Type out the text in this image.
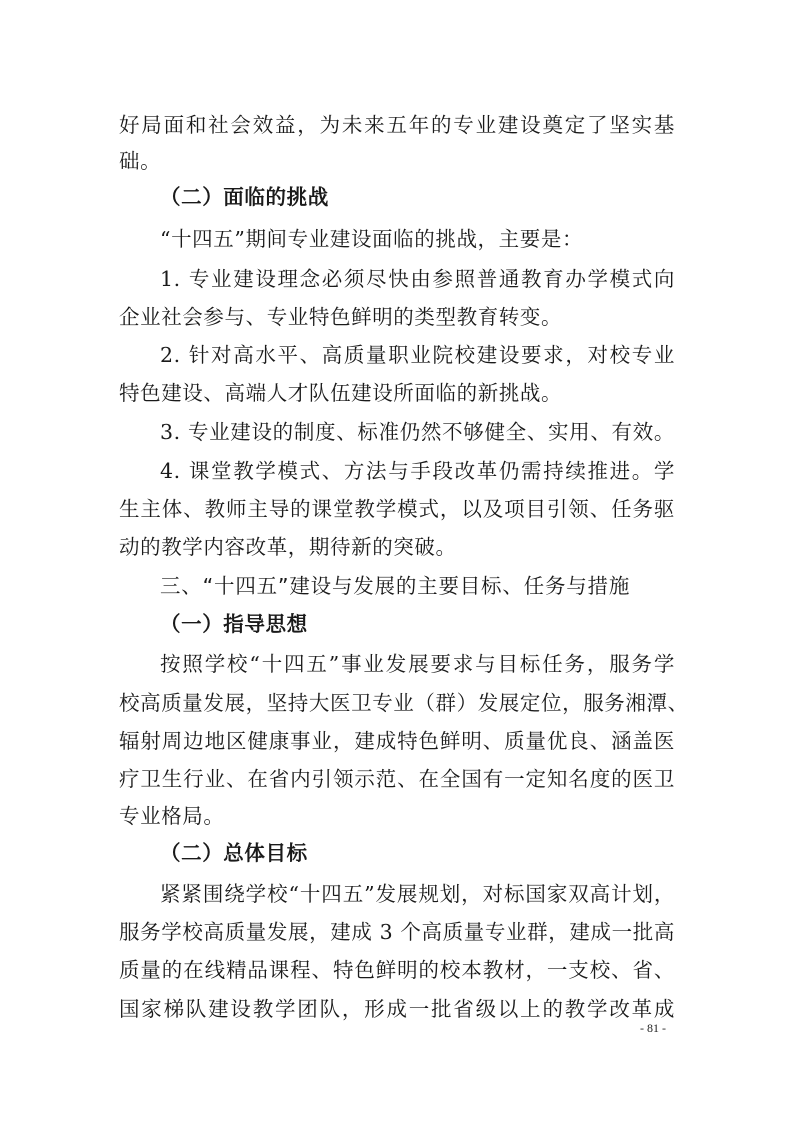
好局面和社会效益，为未来五年的专业建设奠定了坚实基
础。
（二）面临的挑战
“十四五”期间专业建设面临的挑战，主要是：
1. 专业建设理念必须尽快由参照普通教育办学模式向
企业社会参与、专业特色鲜明的类型教育转变。
2. 针对高水平、高质量职业院校建设要求，对校专业
特色建设、高端人才队伍建设所面临的新挑战。
3. 专业建设的制度、标准仍然不够健全、实用、有效。
4. 课堂教学模式、方法与手段改革仍需持续推进。学
生主体、教师主导的课堂教学模式，以及项目引领、任务驱
动的教学内容改革，期待新的突破。
三、“十四五”建设与发展的主要目标、任务与措施
（一）指导思想
按照学校“十四五”事业发展要求与目标任务，服务学
校高质量发展，坚持大医卫专业（群）发展定位，服务湘潭、
辐射周边地区健康事业，建成特色鲜明、质量优良、涵盖医
疗卫生行业、在省内引领示范、在全国有一定知名度的医卫
专业格局。
（二）总体目标
紧紧围绕学校“十四五”发展规划，对标国家双高计划，
服务学校高质量发展，建成 3 个高质量专业群，建成一批高
质量的在线精品课程、特色鲜明的校本教材，一支校、省、
国家梯队建设教学团队，形成一批省级以上的教学改革成
- 81 -
